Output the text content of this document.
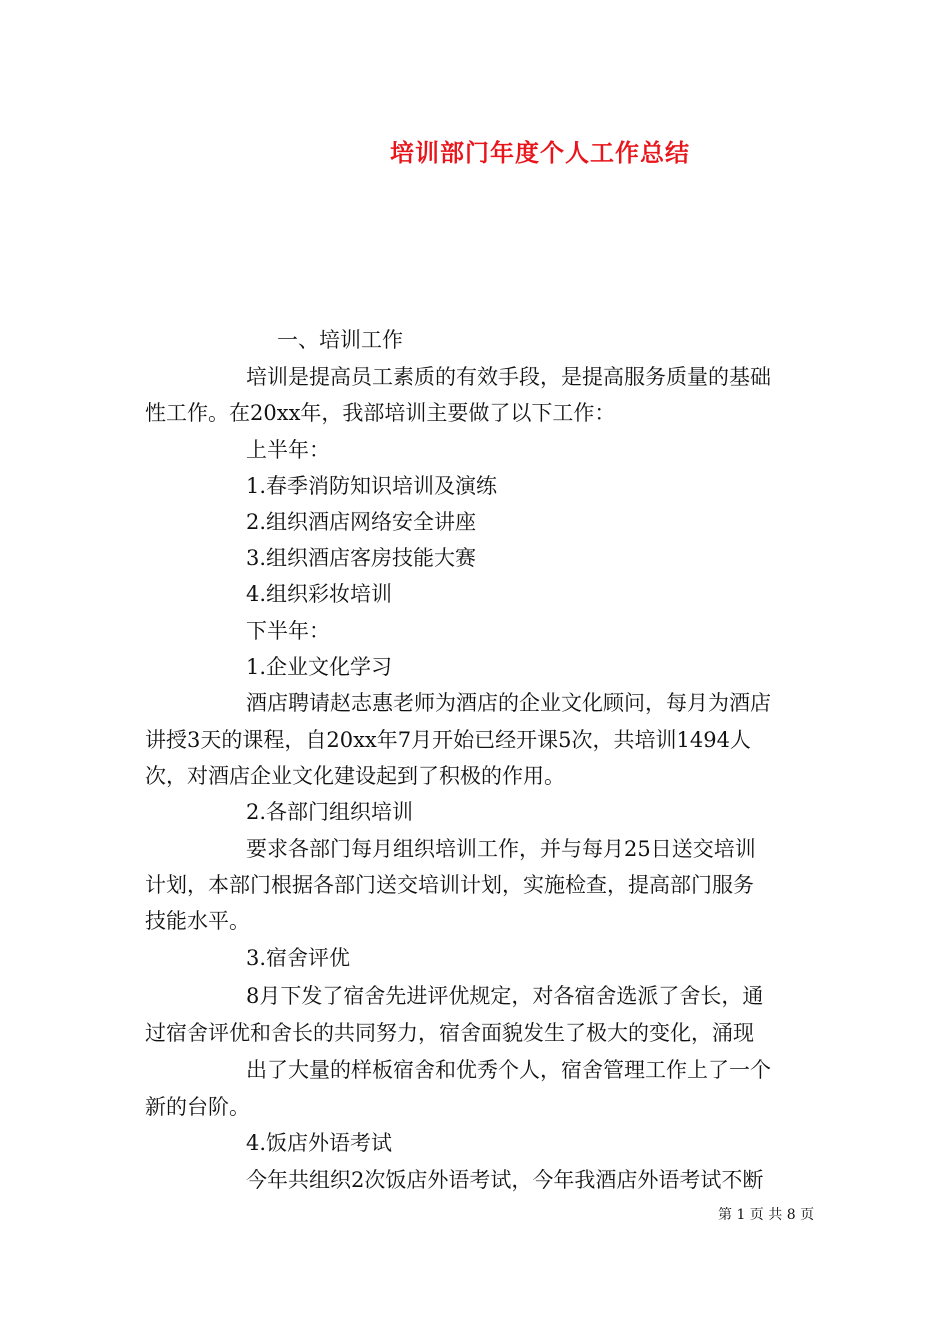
培训部门年度个人工作总结
一、培训工作
培训是提高员工素质的有效手段，是提高服务质量的基础
性工作。在20xx年，我部培训主要做了以下工作：
上半年：
1.春季消防知识培训及演练
2.组织酒店网络安全讲座
3.组织酒店客房技能大赛
4.组织彩妆培训
下半年：
1.企业文化学习
酒店聘请赵志惠老师为酒店的企业文化顾问，每月为酒店
讲授3天的课程，自20xx年7月开始已经开课5次，共培训1494人
次，对酒店企业文化建设起到了积极的作用。
2.各部门组织培训
要求各部门每月组织培训工作，并与每月25日送交培训
计划，本部门根据各部门送交培训计划，实施检查，提高部门服务
技能水平。
3.宿舍评优
8月下发了宿舍先进评优规定，对各宿舍选派了舍长，通
过宿舍评优和舍长的共同努力，宿舍面貌发生了极大的变化，涌现
出了大量的样板宿舍和优秀个人，宿舍管理工作上了一个
新的台阶。
4.饭店外语考试
今年共组织2次饭店外语考试，今年我酒店外语考试不断
第 1 页 共 8 页
